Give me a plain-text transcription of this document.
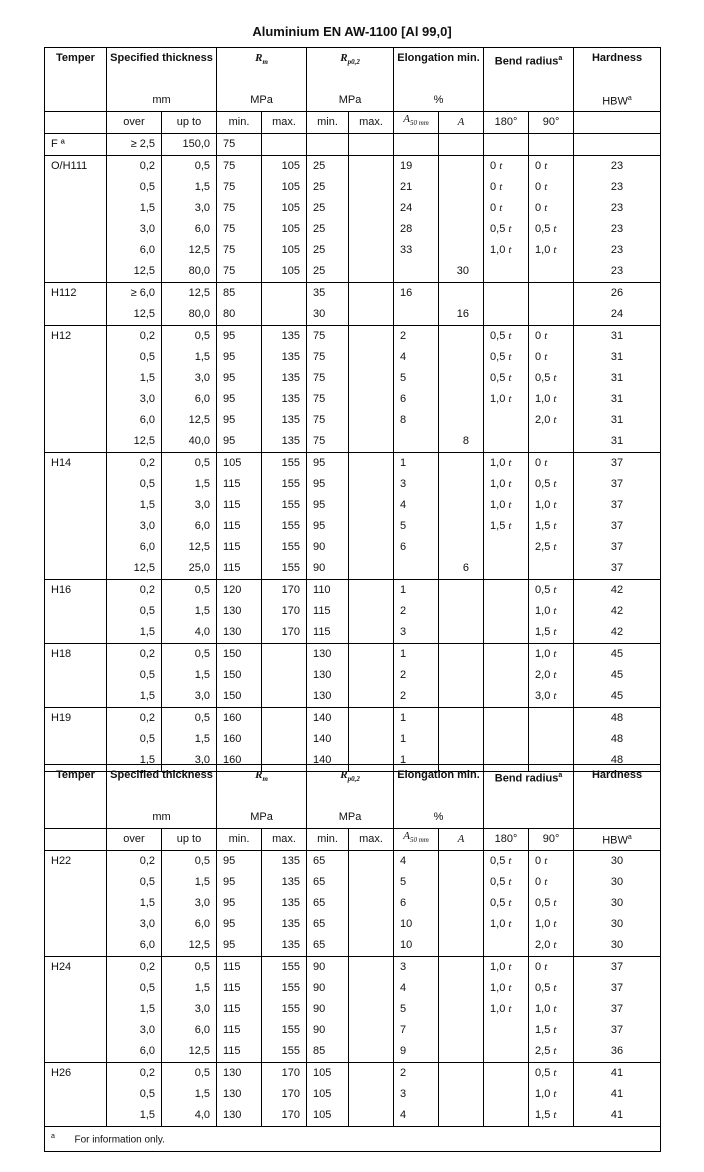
Aluminium EN AW-1100 [Al 99,0]
Temper	Specified thickness		$R_m$		$R_{p0,2}$		Elongation min.		Bend radius$^a$		Hardness
	mm		MPa		MPa		%				HBW$^a$
	over	up to	min.	max.	min.	max.	$A_{50 mm}$	A	180°	90°	
F ª	≥ 2,5	150,0	75								
O/H111	0,2	0,5	75	105	25		19		0 t	0 t	23
	0,5	1,5	75	105	25		21		0 t	0 t	23
	1,5	3,0	75	105	25		24		0 t	0 t	23
	3,0	6,0	75	105	25		28		0,5 t	0,5 t	23
	6,0	12,5	75	105	25		33		1,0 t	1,0 t	23
	12,5	80,0	75	105	25			30			23
H112	≥ 6,0	12,5	85		35		16				26
	12,5	80,0	80		30			16			24
H12	0,2	0,5	95	135	75		2		0,5 t	0 t	31
	0,5	1,5	95	135	75		4		0,5 t	0 t	31
	1,5	3,0	95	135	75		5		0,5 t	0,5 t	31
	3,0	6,0	95	135	75		6		1,0 t	1,0 t	31
	6,0	12,5	95	135	75		8			2,0 t	31
	12,5	40,0	95	135	75			8			31
H14	0,2	0,5	105	155	95		1		1,0 t	0 t	37
	0,5	1,5	115	155	95		3		1,0 t	0,5 t	37
	1,5	3,0	115	155	95		4		1,0 t	1,0 t	37
	3,0	6,0	115	155	95		5		1,5 t	1,5 t	37
	6,0	12,5	115	155	90		6			2,5 t	37
	12,5	25,0	115	155	90			6			37
H16	0,2	0,5	120	170	110		1			0,5 t	42
	0,5	1,5	130	170	115		2			1,0 t	42
	1,5	4,0	130	170	115		3			1,5 t	42
H18	0,2	0,5	150		130		1			1,0 t	45
	0,5	1,5	150		130		2			2,0 t	45
	1,5	3,0	150		130		2			3,0 t	45
H19	0,2	0,5	160		140		1				48
	0,5	1,5	160		140		1				48
	1,5	3,0	160		140		1				48
Temper	Specified thickness		$R_m$		$R_{p0,2}$		Elongation min.		Bend radius$^a$		Hardness
	mm		MPa		MPa		%				
	over	up to	min.	max.	min.	max.	$A_{50 mm}$	A	180°	90°	HBW$^a$
H22	0,2	0,5	95	135	65		4		0,5 t	0 t	30
	0,5	1,5	95	135	65		5		0,5 t	0 t	30
	1,5	3,0	95	135	65		6		0,5 t	0,5 t	30
	3,0	6,0	95	135	65		10		1,0 t	1,0 t	30
	6,0	12,5	95	135	65		10			2,0 t	30
H24	0,2	0,5	115	155	90		3		1,0 t	0 t	37
	0,5	1,5	115	155	90		4		1,0 t	0,5 t	37
	1,5	3,0	115	155	90		5		1,0 t	1,0 t	37
	3,0	6,0	115	155	90		7			1,5 t	37
	6,0	12,5	115	155	85		9			2,5 t	36
H26	0,2	0,5	130	170	105		2			0,5 t	41
	0,5	1,5	130	170	105		3			1,0 t	41
	1,5	4,0	130	170	105		4			1,5 t	41
$^a$ For information only.											
